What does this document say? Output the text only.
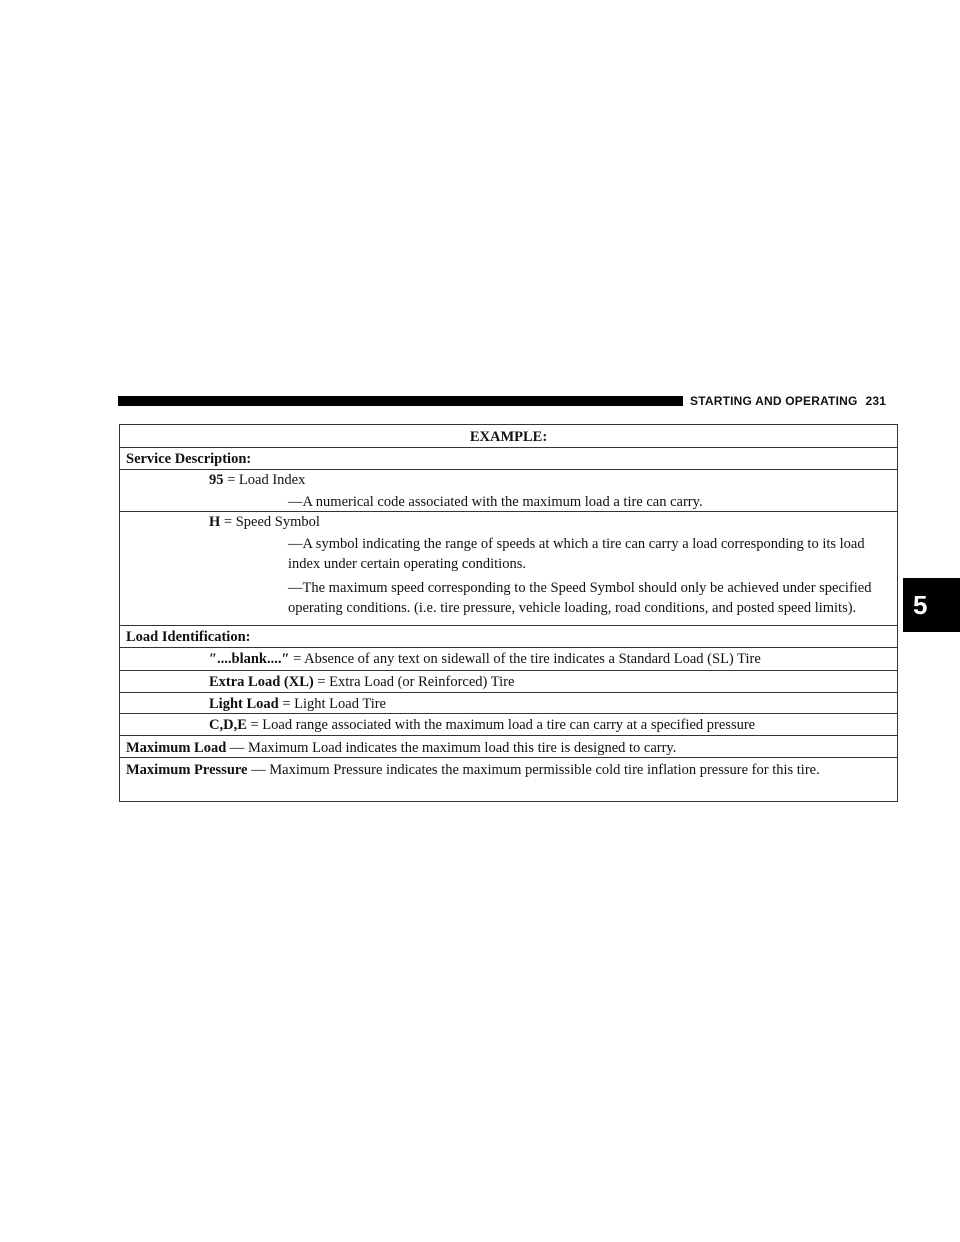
STARTING AND OPERATING 231
5
EXAMPLE:
Service Description:
95 = Load Index

—A numerical code associated with the maximum load a tire can carry.

H = Speed Symbol

—A symbol indicating the range of speeds at which a tire can carry a load corresponding to its load index under certain operating conditions.

—The maximum speed corresponding to the Speed Symbol should only be achieved under specified operating conditions. (i.e. tire pressure, vehicle loading, road conditions, and posted speed limits).

Load Identification:
″....blank....″ = Absence of any text on sidewall of the tire indicates a Standard Load (SL) Tire
Extra Load (XL) = Extra Load (or Reinforced) Tire
Light Load = Light Load Tire
C,D,E = Load range associated with the maximum load a tire can carry at a specified pressure
Maximum Load — Maximum Load indicates the maximum load this tire is designed to carry.
Maximum Pressure — Maximum Pressure indicates the maximum permissible cold tire inflation pressure for this tire.
